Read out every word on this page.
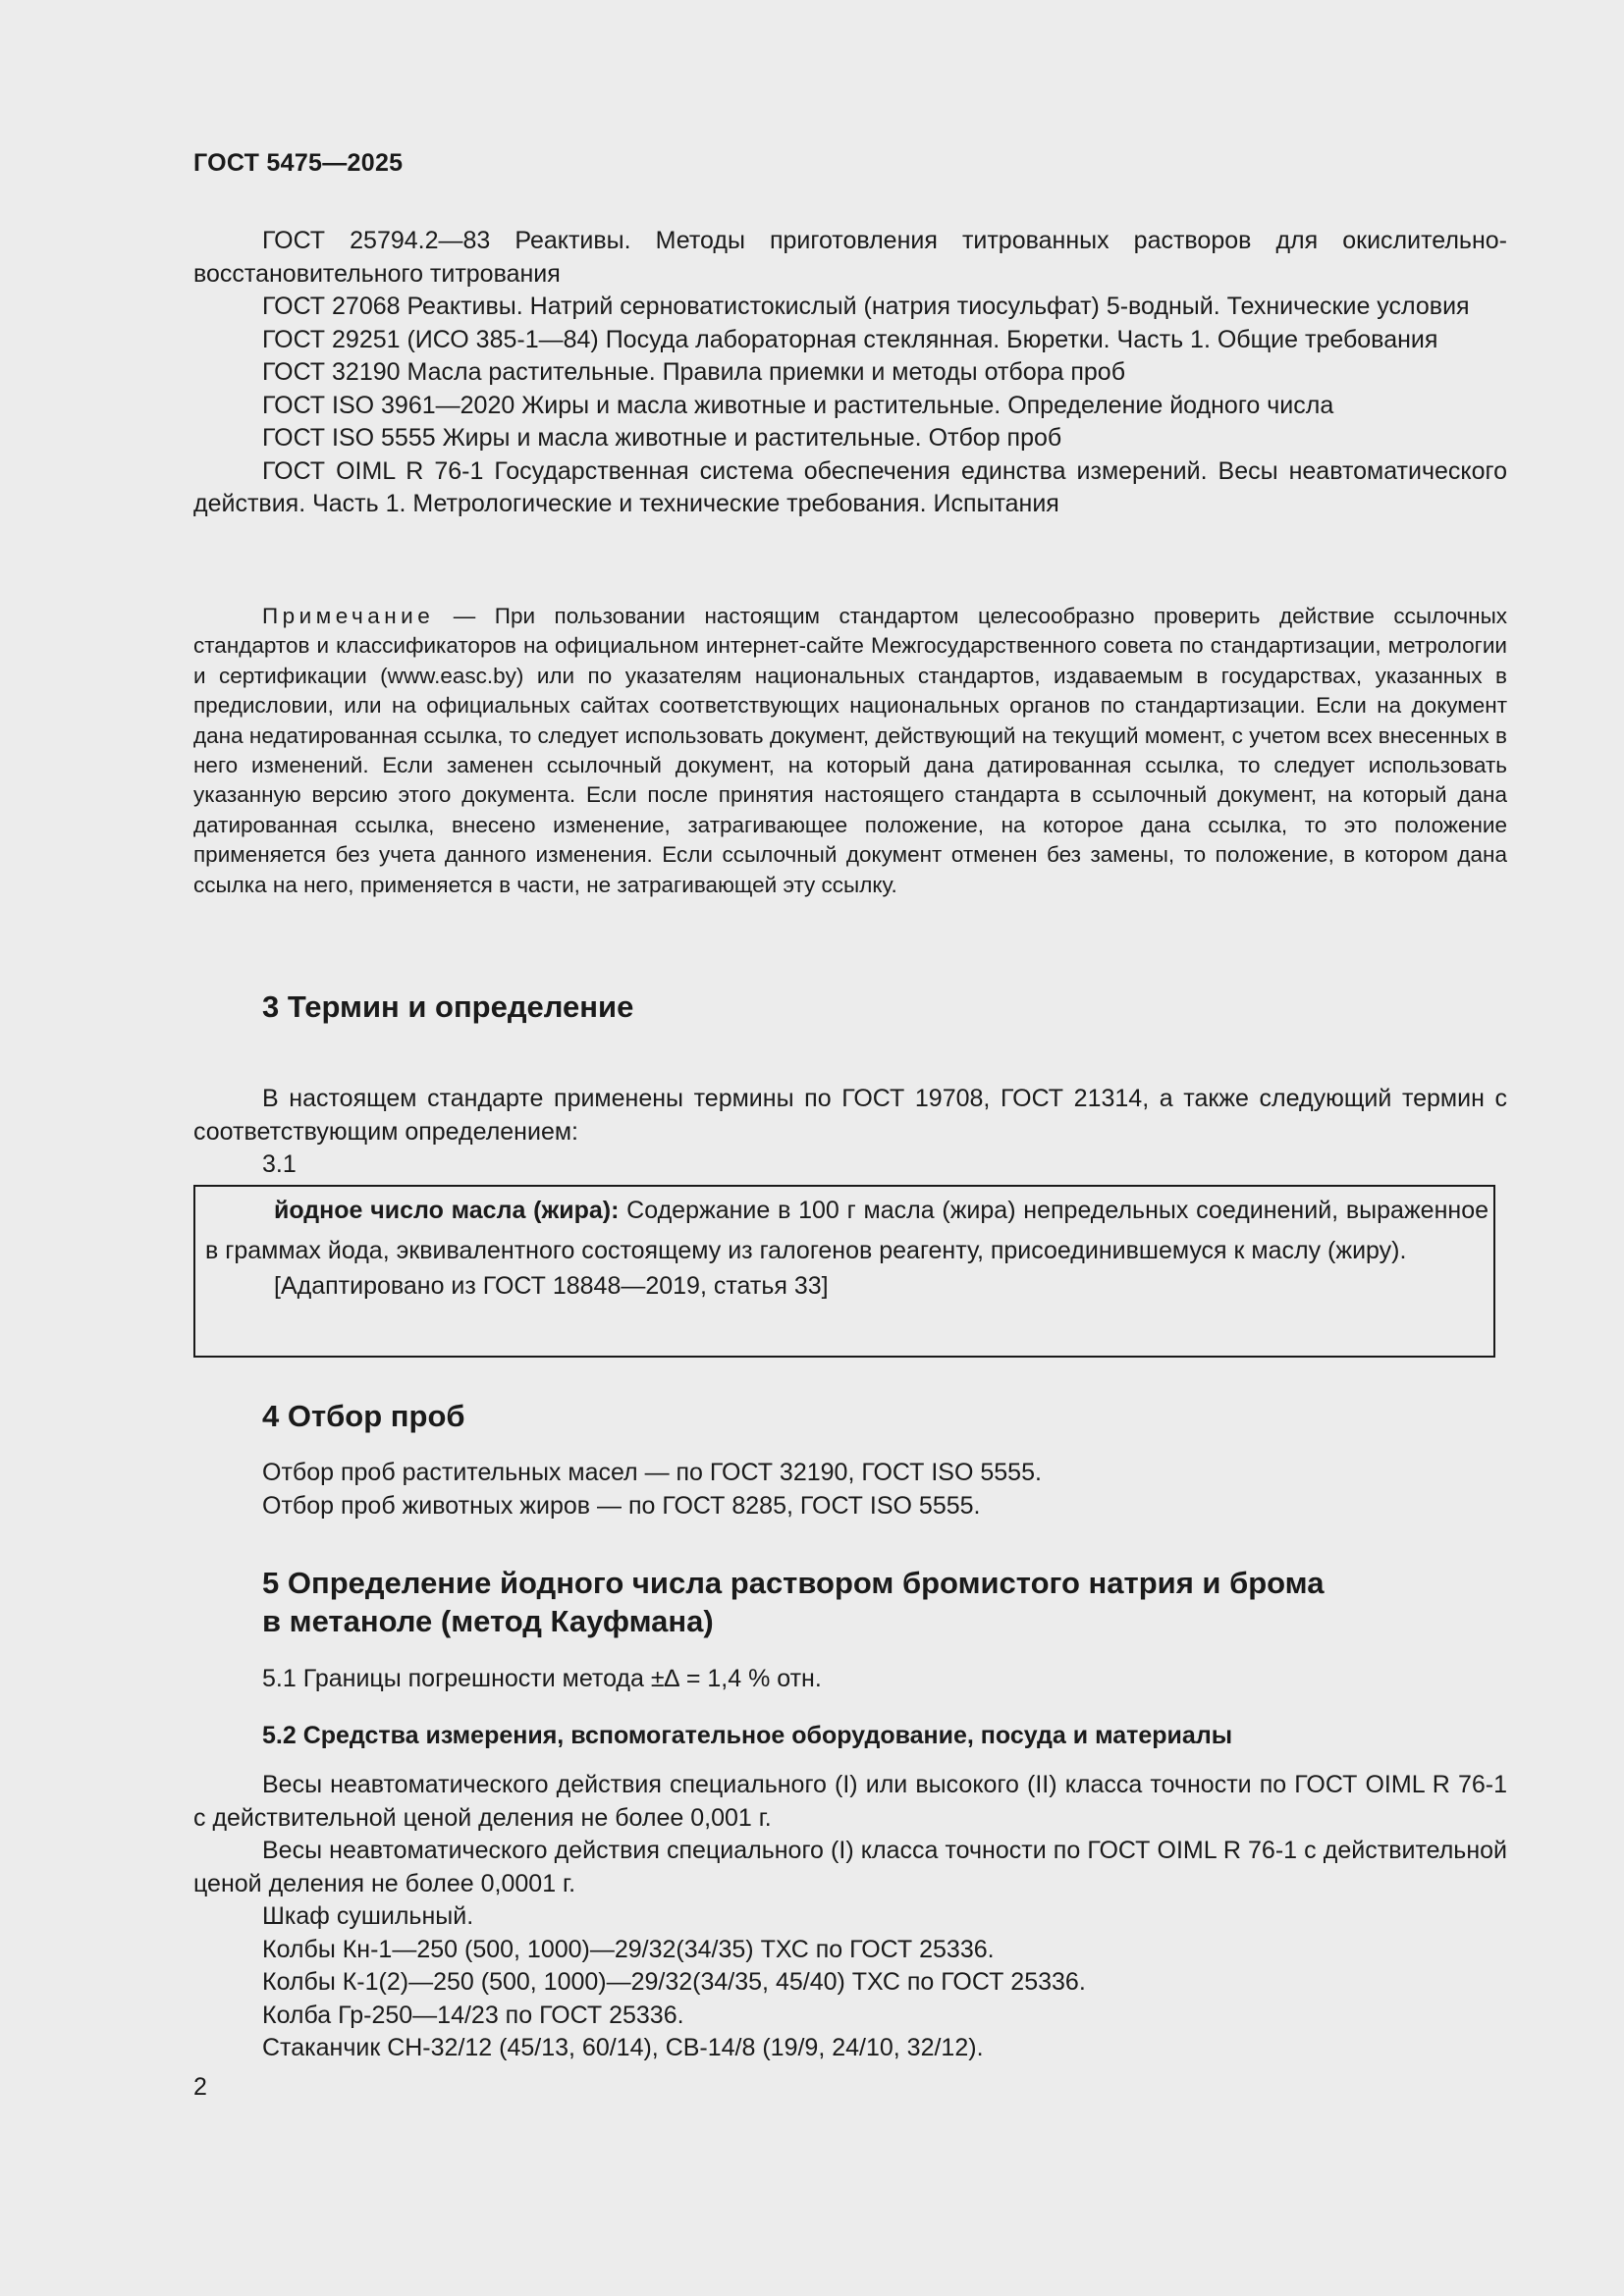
ГОСТ 5475—2025

ГОСТ 25794.2—83 Реактивы. Методы приготовления титрованных растворов для окислительно-восстановительного титрования

ГОСТ 27068 Реактивы. Натрий серноватистокислый (натрия тиосульфат) 5-водный. Технические условия

ГОСТ 29251 (ИСО 385-1—84) Посуда лабораторная стеклянная. Бюретки. Часть 1. Общие требования

ГОСТ 32190 Масла растительные. Правила приемки и методы отбора проб

ГОСТ ISO 3961—2020 Жиры и масла животные и растительные. Определение йодного числа

ГОСТ ISO 5555 Жиры и масла животные и растительные. Отбор проб

ГОСТ OIML R 76-1 Государственная система обеспечения единства измерений. Весы неавтоматического действия. Часть 1. Метрологические и технические требования. Испытания

Примечание — При пользовании настоящим стандартом целесообразно проверить действие ссылочных стандартов и классификаторов на официальном интернет-сайте Межгосударственного совета по стандартизации, метрологии и сертификации (www.easc.by) или по указателям национальных стандартов, издаваемым в государствах, указанных в предисловии, или на официальных сайтах соответствующих национальных органов по стандартизации. Если на документ дана недатированная ссылка, то следует использовать документ, действующий на текущий момент, с учетом всех внесенных в него изменений. Если заменен ссылочный документ, на который дана датированная ссылка, то следует использовать указанную версию этого документа. Если после принятия настоящего стандарта в ссылочный документ, на который дана датированная ссылка, внесено изменение, затрагивающее положение, на которое дана ссылка, то это положение применяется без учета данного изменения. Если ссылочный документ отменен без замены, то положение, в котором дана ссылка на него, применяется в части, не затрагивающей эту ссылку.

3 Термин и определение

В настоящем стандарте применены термины по ГОСТ 19708, ГОСТ 21314, а также следующий термин с соответствующим определением:

3.1

йодное число масла (жира): Содержание в 100 г масла (жира) непредельных соединений, выраженное в граммах йода, эквивалентного состоящему из галогенов реагенту, присоединившемуся к маслу (жиру).

[Адаптировано из ГОСТ 18848—2019, статья 33]
4 Отбор проб

Отбор проб растительных масел — по ГОСТ 32190, ГОСТ ISO 5555.

Отбор проб животных жиров — по ГОСТ 8285, ГОСТ ISO 5555.

5 Определение йодного числа раствором бромистого натрия и брома
в метаноле (метод Кауфмана)

5.1 Границы погрешности метода ±∆ = 1,4 % отн.

5.2 Средства измерения, вспомогательное оборудование, посуда и материалы

Весы неавтоматического действия специального (I) или высокого (II) класса точности по ГОСТ OIML R 76-1 с действительной ценой деления не более 0,001 г.

Весы неавтоматического действия специального (I) класса точности по ГОСТ OIML R 76-1 с действительной ценой деления не более 0,0001 г.

Шкаф сушильный.

Колбы Кн-1—250 (500, 1000)—29/32(34/35) ТХС по ГОСТ 25336.

Колбы К-1(2)—250 (500, 1000)—29/32(34/35, 45/40) ТХС по ГОСТ 25336.

Колба Гр-250—14/23 по ГОСТ 25336.

Стаканчик СН-32/12 (45/13, 60/14), СВ-14/8 (19/9, 24/10, 32/12).

2
